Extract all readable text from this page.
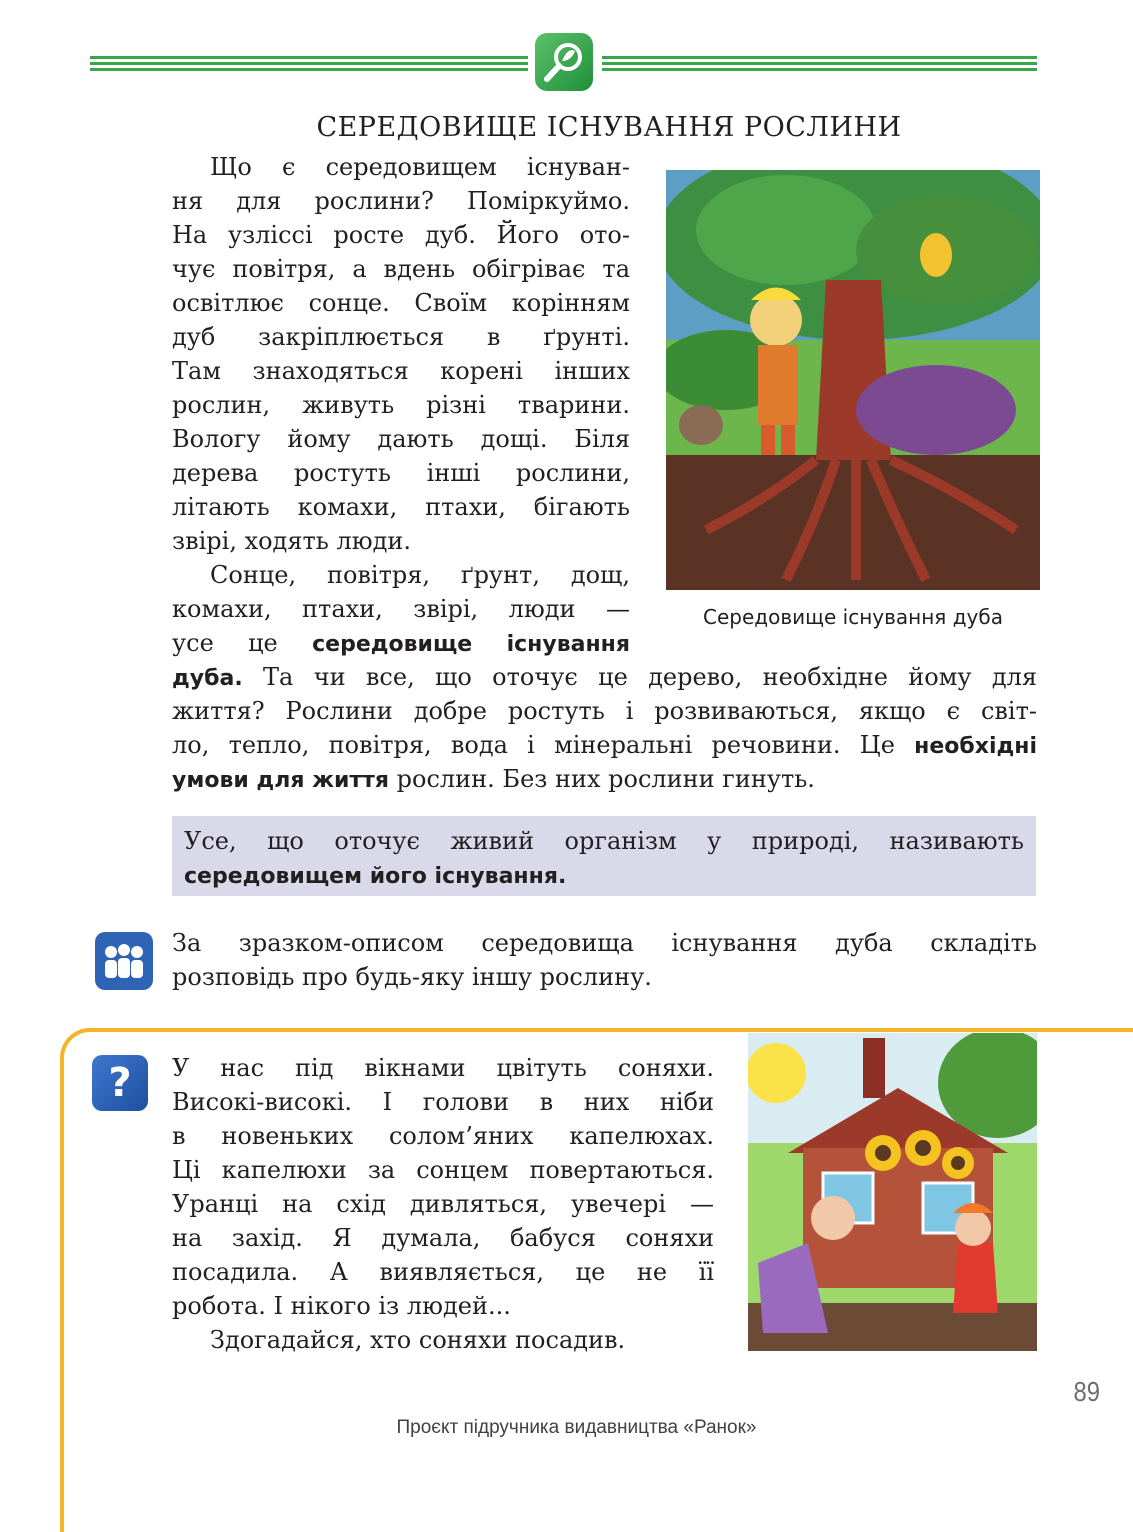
СЕРЕДОВИЩЕ ІСНУВАННЯ РОСЛИНИ
Що є середовищем існуван-
ня для рослини? Поміркуймо.
На узліссі росте дуб. Його ото-
чує повітря, а вдень обігріває та
освітлює сонце. Своїм корінням
дуб закріплюється в ґрунті.
Там знаходяться корені інших
рослин, живуть різні тварини.
Вологу йому дають дощі. Біля
дерева ростуть інші рослини,
літають комахи, птахи, бігають
звірі, ходять люди.
Сонце, повітря, ґрунт, дощ,
комахи, птахи, звірі, люди —
усе це середовище існування
дуба. Та чи все, що оточує це дерево, необхідне йому для
життя? Рослини добре ростуть і розвиваються, якщо є світ-
ло, тепло, повітря, вода і мінеральні речовини. Це необхідні
умови для життя рослин. Без них рослини гинуть.
Середовище існування дуба
Усе, що оточує живий організм у природі, називають
середовищем його існування.
За зразком-описом середовища існування дуба складіть
розповідь про будь-яку іншу рослину.
?	У нас під вікнами цвітуть соняхи.
Високі-високі. І голови в них ніби
в новеньких солом’яних капелюхах.
Ці капелюхи за сонцем повертаються.
Уранці на схід дивляться, увечері —
на захід. Я думала, бабуся соняхи
посадила. А виявляється, це не її
робота. І нікого із людей...
Здогадайся, хто соняхи посадив.
89
Проєкт підручника видавництва «Ранок»
